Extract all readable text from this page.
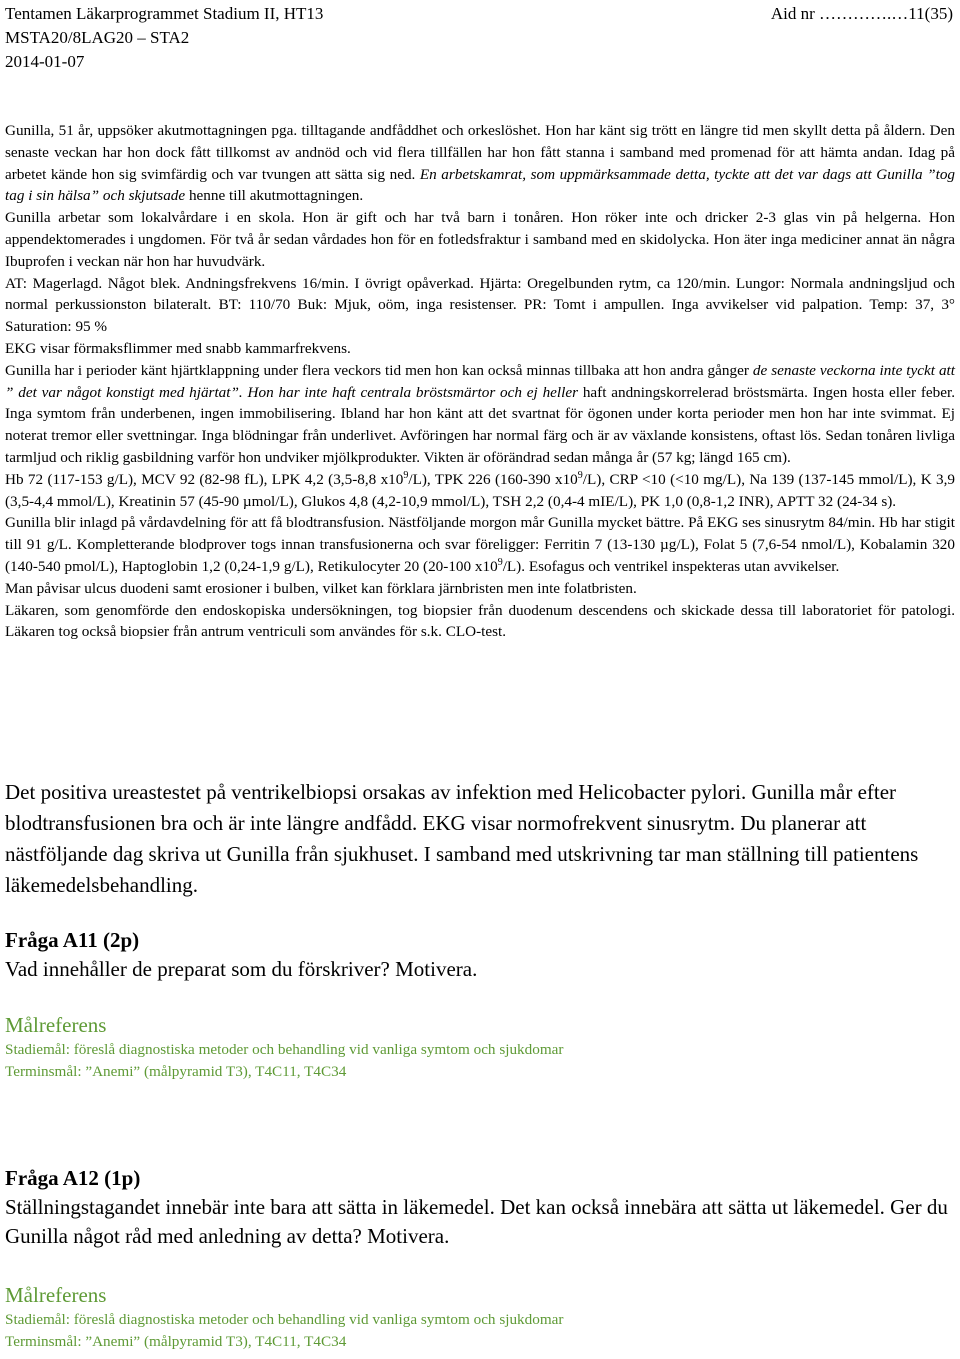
Tentamen Läkarprogrammet Stadium II, HT13
MSTA20/8LAG20 – STA2
2014-01-07
Aid nr ………….…11(35)

Gunilla, 51 år, uppsöker akutmottagningen pga. tilltagande andfåddhet och orkeslöshet. Hon har känt sig trött en längre tid men skyllt detta på åldern. Den senaste veckan har hon dock fått tillkomst av andnöd och vid flera tillfällen har hon fått stanna i samband med promenad för att hämta andan. Idag på arbetet kände hon sig svimfärdig och var tvungen att sätta sig ned. En arbetskamrat, som uppmärksammade detta, tyckte att det var dags att Gunilla ”tog tag i sin hälsa” och skjutsade henne till akutmottagningen.

Gunilla arbetar som lokalvårdare i en skola. Hon är gift och har två barn i tonåren. Hon röker inte och dricker 2-3 glas vin på helgerna. Hon appendektomerades i ungdomen. För två år sedan vårdades hon för en fotledsfraktur i samband med en skidolycka. Hon äter inga mediciner annat än några Ibuprofen i veckan när hon har huvudvärk.

AT: Magerlagd. Något blek. Andningsfrekvens 16/min. I övrigt opåverkad. Hjärta: Oregelbunden rytm, ca 120/min. Lungor: Normala andningsljud och normal perkussionston bilateralt. BT: 110/70 Buk: Mjuk, oöm, inga resistenser. PR: Tomt i ampullen. Inga avvikelser vid palpation. Temp: 37, 3° Saturation: 95 %

EKG visar förmaksflimmer med snabb kammarfrekvens.

Gunilla har i perioder känt hjärtklappning under flera veckors tid men hon kan också minnas tillbaka att hon andra gånger de senaste veckorna inte tyckt att ” det var något konstigt med hjärtat”. Hon har inte haft centrala bröstsmärtor och ej heller haft andningskorrelerad bröstsmärta. Ingen hosta eller feber. Inga symtom från underbenen, ingen immobilisering. Ibland har hon känt att det svartnat för ögonen under korta perioder men hon har inte svimmat. Ej noterat tremor eller svettningar. Inga blödningar från underlivet. Avföringen har normal färg och är av växlande konsistens, oftast lös. Sedan tonåren livliga tarmljud och riklig gasbildning varför hon undviker mjölkprodukter. Vikten är oförändrad sedan många år (57 kg; längd 165 cm).

Hb 72 (117-153 g/L), MCV 92 (82-98 fL), LPK 4,2 (3,5-8,8 $x10^9/L$), TPK 226 (160-390 $x10^9/L$), CRP <10 (<10 mg/L), Na 139 (137-145 mmol/L), K 3,9 (3,5-4,4 mmol/L), Kreatinin 57 (45-90 µmol/L), Glukos 4,8 (4,2-10,9 mmol/L), TSH 2,2 (0,4-4 mIE/L), PK 1,0 (0,8-1,2 INR), APTT 32 (24-34 s).

Gunilla blir inlagd på vårdavdelning för att få blodtransfusion. Nästföljande morgon mår Gunilla mycket bättre. På EKG ses sinusrytm 84/min. Hb har stigit till 91 g/L. Kompletterande blodprover togs innan transfusionerna och svar föreligger: Ferritin 7 (13-130 µg/L), Folat 5 (7,6-54 nmol/L), Kobalamin 320 (140-540 pmol/L), Haptoglobin 1,2 (0,24-1,9 g/L), Retikulocyter 20 (20-100 $x10^9/L$). Esofagus och ventrikel inspekteras utan avvikelser.

Man påvisar ulcus duodeni samt erosioner i bulben, vilket kan förklara järnbristen men inte folatbristen.

Läkaren, som genomförde den endoskopiska undersökningen, tog biopsier från duodenum descendens och skickade dessa till laboratoriet för patologi. Läkaren tog också biopsier från antrum ventriculi som användes för s.k. CLO-test.

Det positiva ureastestet på ventrikelbiopsi orsakas av infektion med Helicobacter pylori. Gunilla mår efter blodtransfusionen bra och är inte längre andfådd. EKG visar normofrekvent sinusrytm. Du planerar att nästföljande dag skriva ut Gunilla från sjukhuset. I samband med utskrivning tar man ställning till patientens läkemedelsbehandling.

Fråga A11 (2p)
Vad innehåller de preparat som du förskriver? Motivera.
Målreferens
Stadiemål: föreslå diagnostiska metoder och behandling vid vanliga symtom och sjukdomar
Terminsmål: ”Anemi” (målpyramid T3), T4C11, T4C34
Fråga A12 (1p)
Ställningstagandet innebär inte bara att sätta in läkemedel. Det kan också innebära att sätta ut läkemedel. Ger du Gunilla något råd med anledning av detta? Motivera.
Målreferens
Stadiemål: föreslå diagnostiska metoder och behandling vid vanliga symtom och sjukdomar
Terminsmål: ”Anemi” (målpyramid T3), T4C11, T4C34
